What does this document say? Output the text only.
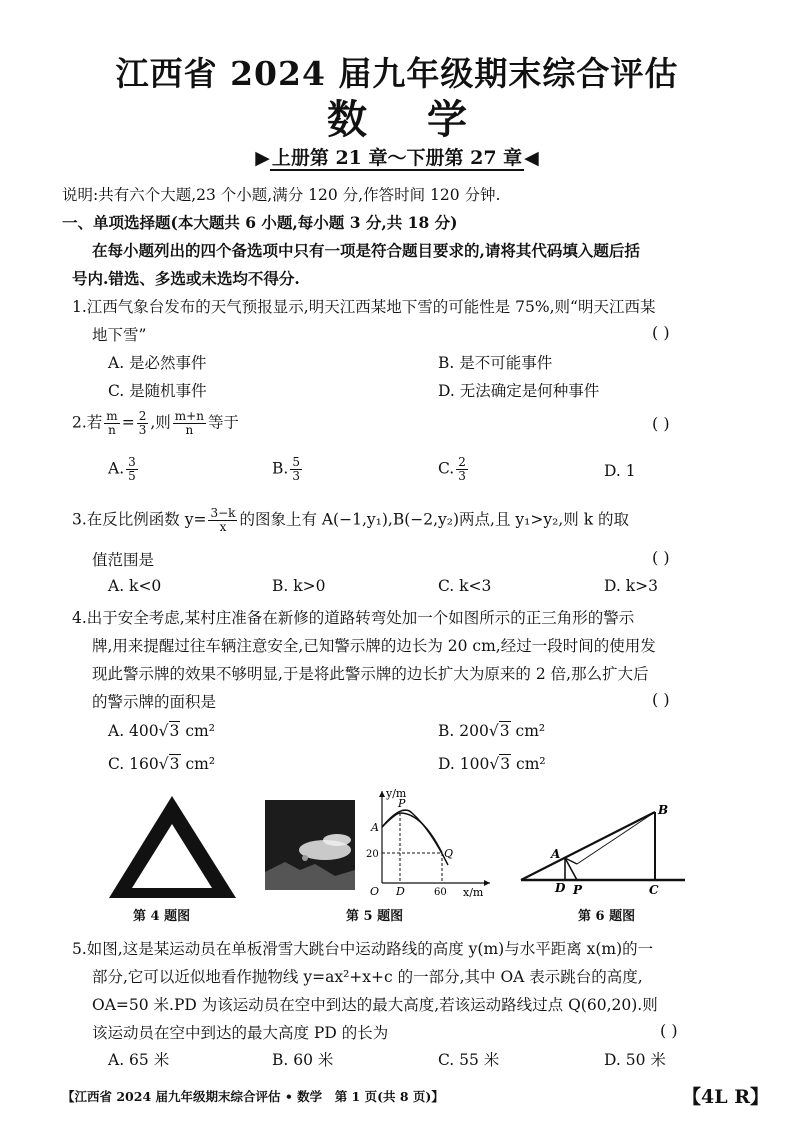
江西省 2024 届九年级期末综合评估
数学
▶ 上册第 21 章～下册第 27 章 ◀
说明:共有六个大题,23 个小题,满分 120 分,作答时间 120 分钟.
一、单项选择题(本大题共 6 小题,每小题 3 分,共 18 分)
在每小题列出的四个备选项中只有一项是符合题目要求的,请将其代码填入题后括
号内.错选、多选或未选均不得分.
1.江西气象台发布的天气预报显示,明天江西某地下雪的可能性是 75%,则“明天江西某
地下雪”	( )
A. 是必然事件	B. 是不可能事件
C. 是随机事件	D. 无法确定是何种事件
2.若 $\frac{m}{n} = \frac{2}{3}$ ,则 $\frac{m+n}{n}$ 等于	( )
A. $\frac{3}{5}$	B. $\frac{5}{3}$	C. $\frac{2}{3}$	D. 1
3.在反比例函数 $y= \frac{3-k}{x}$ 的图象上有 A(−1,y₁),B(−2,y₂)两点,且 y₁>y₂,则 k 的取
值范围是	( )
A. k<0	B. k>0	C. k<3	D. k>3
4.出于安全考虑,某村庄准备在新修的道路转弯处加一个如图所示的正三角形的警示
牌,用来提醒过往车辆注意安全,已知警示牌的边长为 20 cm,经过一段时间的使用发
现此警示牌的效果不够明显,于是将此警示牌的边长扩大为原来的 2 倍,那么扩大后
的警示牌的面积是	( )
A. 400√3 cm²	B. 200√3 cm²
C. 160√3 cm²	D. 100√3 cm²
第 4 题图
y/m
x/m
P
A
Q
O D
20
60
第 5 题图
A
B
C
D P
第 6 题图
5.如图,这是某运动员在单板滑雪大跳台中运动路线的高度 y(m)与水平距离 x(m)的一
部分,它可以近似地看作抛物线 y=ax²+x+c 的一部分,其中 OA 表示跳台的高度,
OA=50 米.PD 为该运动员在空中到达的最大高度,若该运动路线过点 Q(60,20).则
该运动员在空中到达的最大高度 PD 的长为	( )
A. 65 米	B. 60 米	C. 55 米	D. 50 米
【江西省 2024 届九年级期末综合评估 • 数学　第 1 页(共 8 页)】	【4L R】
